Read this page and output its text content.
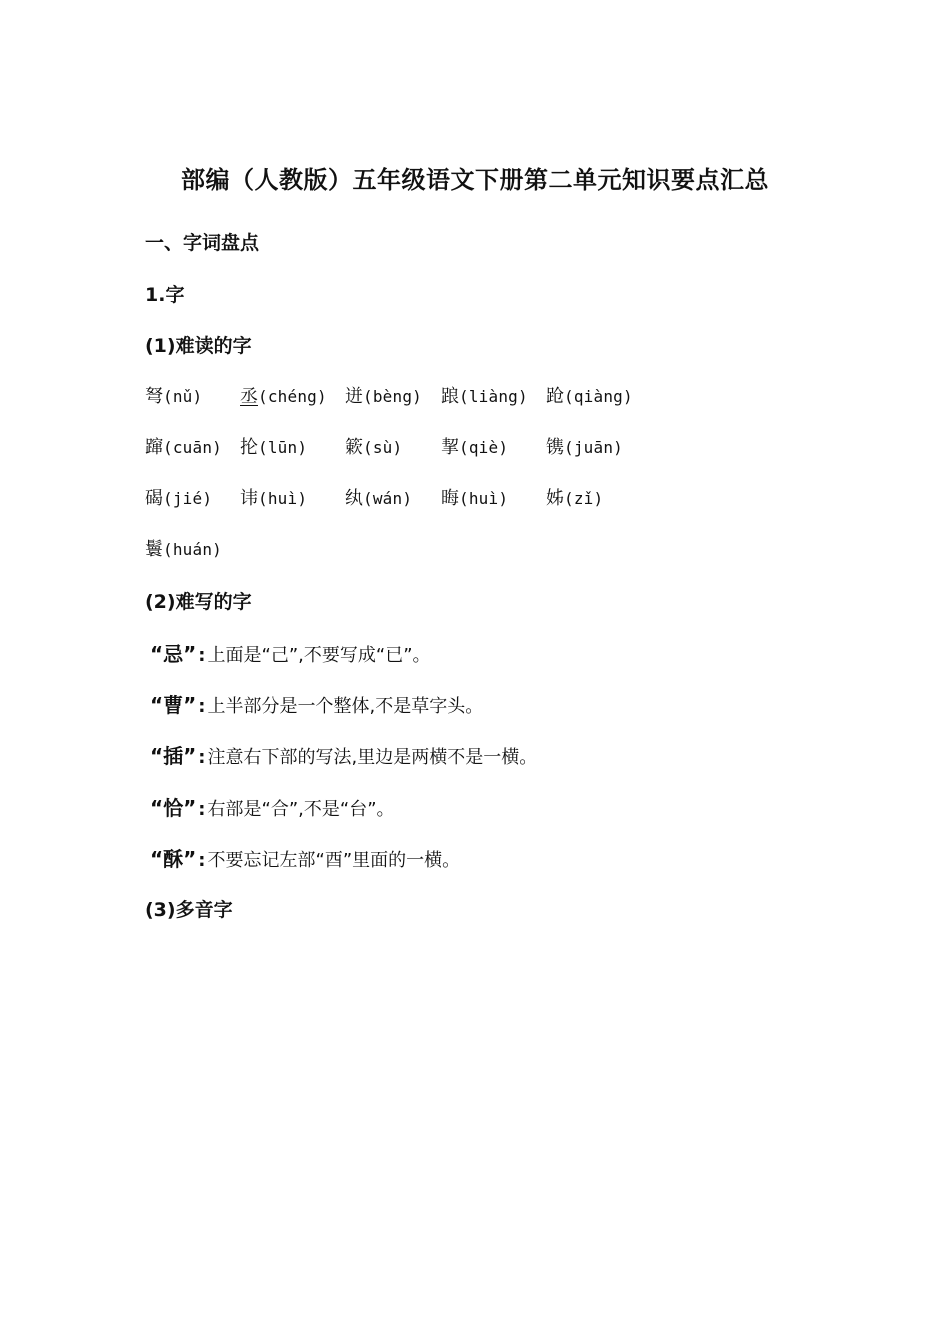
部编（人教版）五年级语文下册第二单元知识要点汇总
一、字词盘点
1.字
(1)难读的字
弩(nǔ) 丞(chéng) 迸(bèng) 踉(liàng) 跄(qiàng)
蹿(cuān) 抡(lūn) 簌(sù) 挈(qiè) 镌(juān)
碣(jié) 讳(huì) 纨(wán) 晦(huì) 姊(zǐ)
鬟(huán)
(2)难写的字
“忌” : 上面是“己”,不要写成“已”。
“曹” : 上半部分是一个整体,不是草字头。
“插” : 注意右下部的写法,里边是两横不是一横。
“恰” : 右部是“合”,不是“台”。
“酥” : 不要忘记左部“酉”里面的一横。
(3)多音字
